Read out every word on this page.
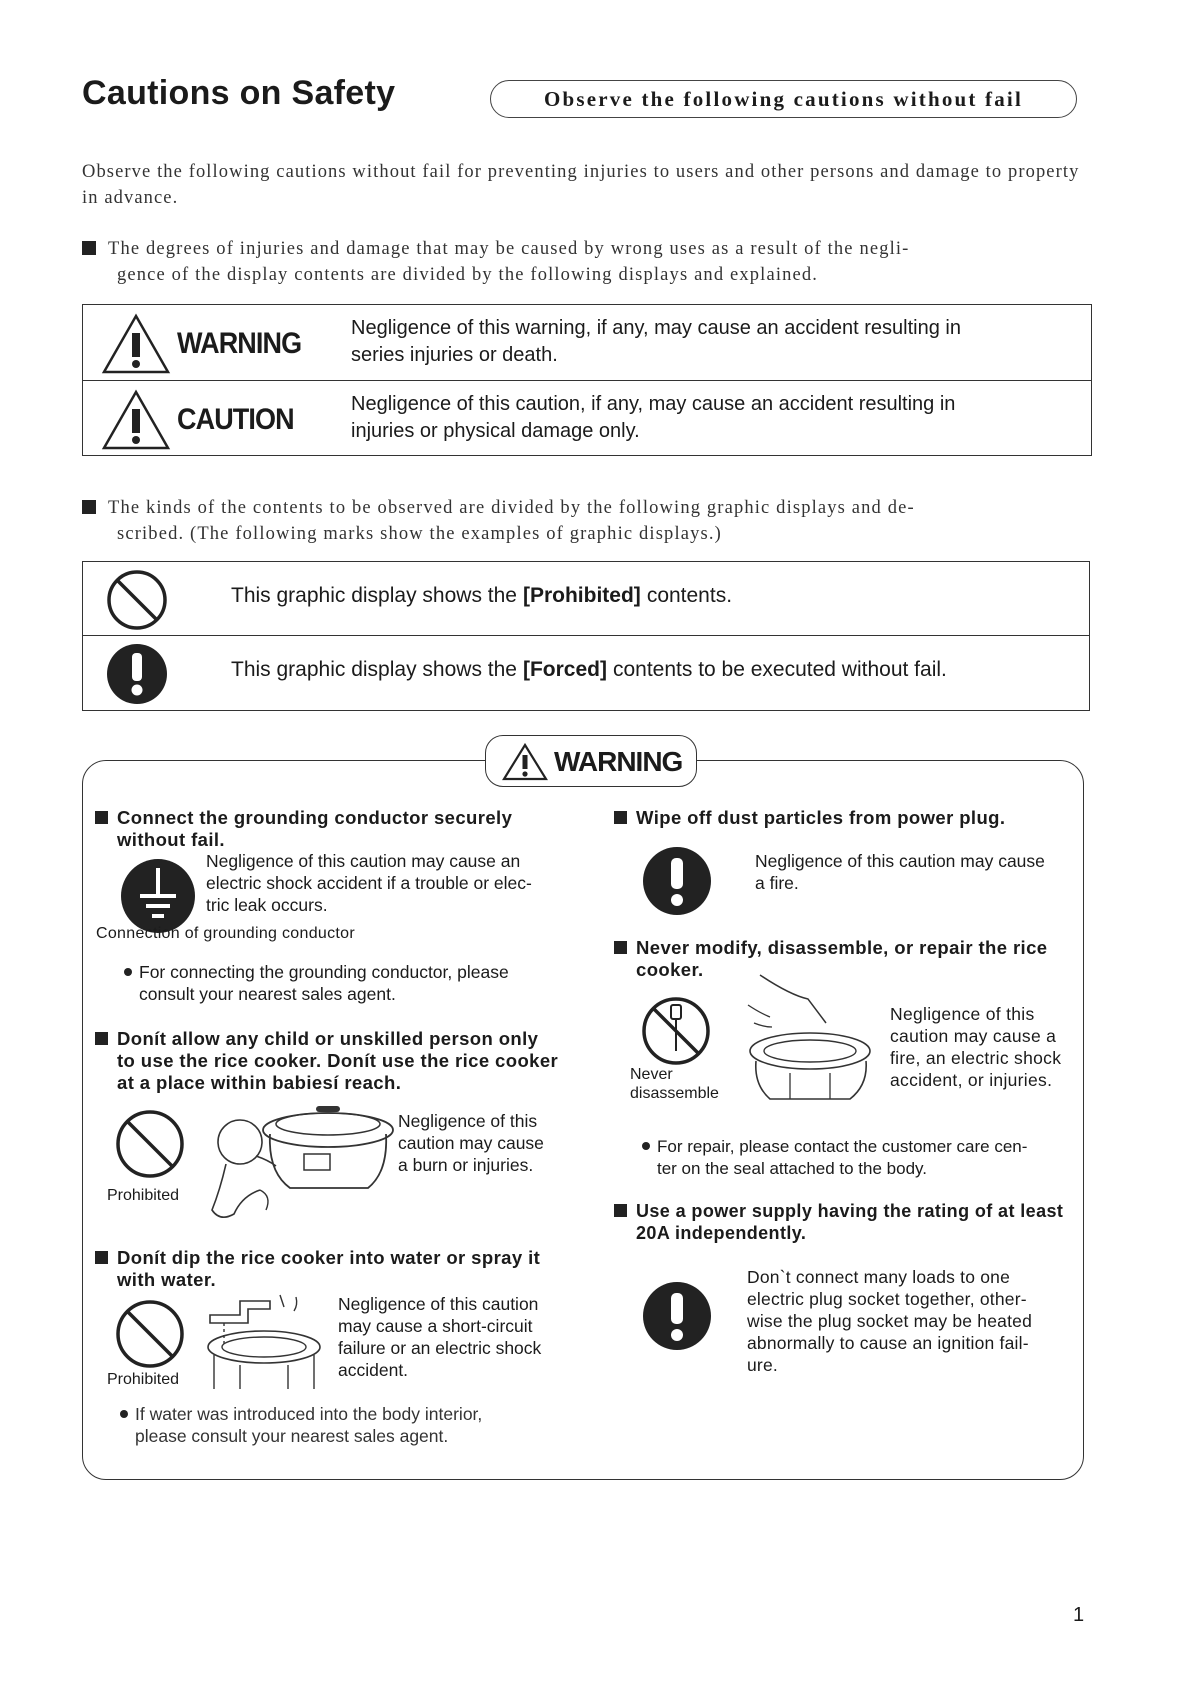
Cautions on Safety	Observe the following cautions without fail
Observe the following cautions without fail for preventing injuries to users and other persons and damage to property in advance.
The degrees of injuries and damage that may be caused by wrong uses as a result of the negli-
gence of the display contents are divided by the following displays and explained.
WARNING Negligence of this warning, if any, may cause an accident resulting in
series injuries or death.
CAUTION	Negligence of this caution, if any, may cause an accident resulting in
injuries or physical damage only.
The kinds of the contents to be observed are divided by the following graphic displays and de-
scribed. (The following marks show the examples of graphic displays.)
This graphic display shows the [Prohibited] contents.
This graphic display shows the [Forced] contents to be executed without fail.
WARNING
Connect the grounding conductor securely
without fail.
Negligence of this caution may cause an
electric shock accident if a trouble or elec-
tric leak occurs.
Connection of grounding conductor
For connecting the grounding conductor, please
consult your nearest sales agent.
Donít allow any child or unskilled person only
to use the rice cooker. Donít use the rice cooker
at a place within babiesí reach.
Prohibited
Negligence of this
caution may cause
a burn or injuries.
Donít dip the rice cooker into water or spray it
with water.
Prohibited
Negligence of this caution
may cause a short-circuit
failure or an electric shock
accident.
If water was introduced into the body interior,
please consult your nearest sales agent.
Wipe off dust particles from power plug.
Negligence of this caution may cause
a fire.
Never modify, disassemble, or repair the rice
cooker.
Never
disassemble
Negligence of this
caution may cause a
fire, an electric shock
accident, or injuries.
For repair, please contact the customer care cen-
ter on the seal attached to the body.
Use a power supply having the rating of at least
20A independently.
Don`t connect many loads to one
electric plug socket together, other-
wise the plug socket may be heated
abnormally to cause an ignition fail-
ure.
1
